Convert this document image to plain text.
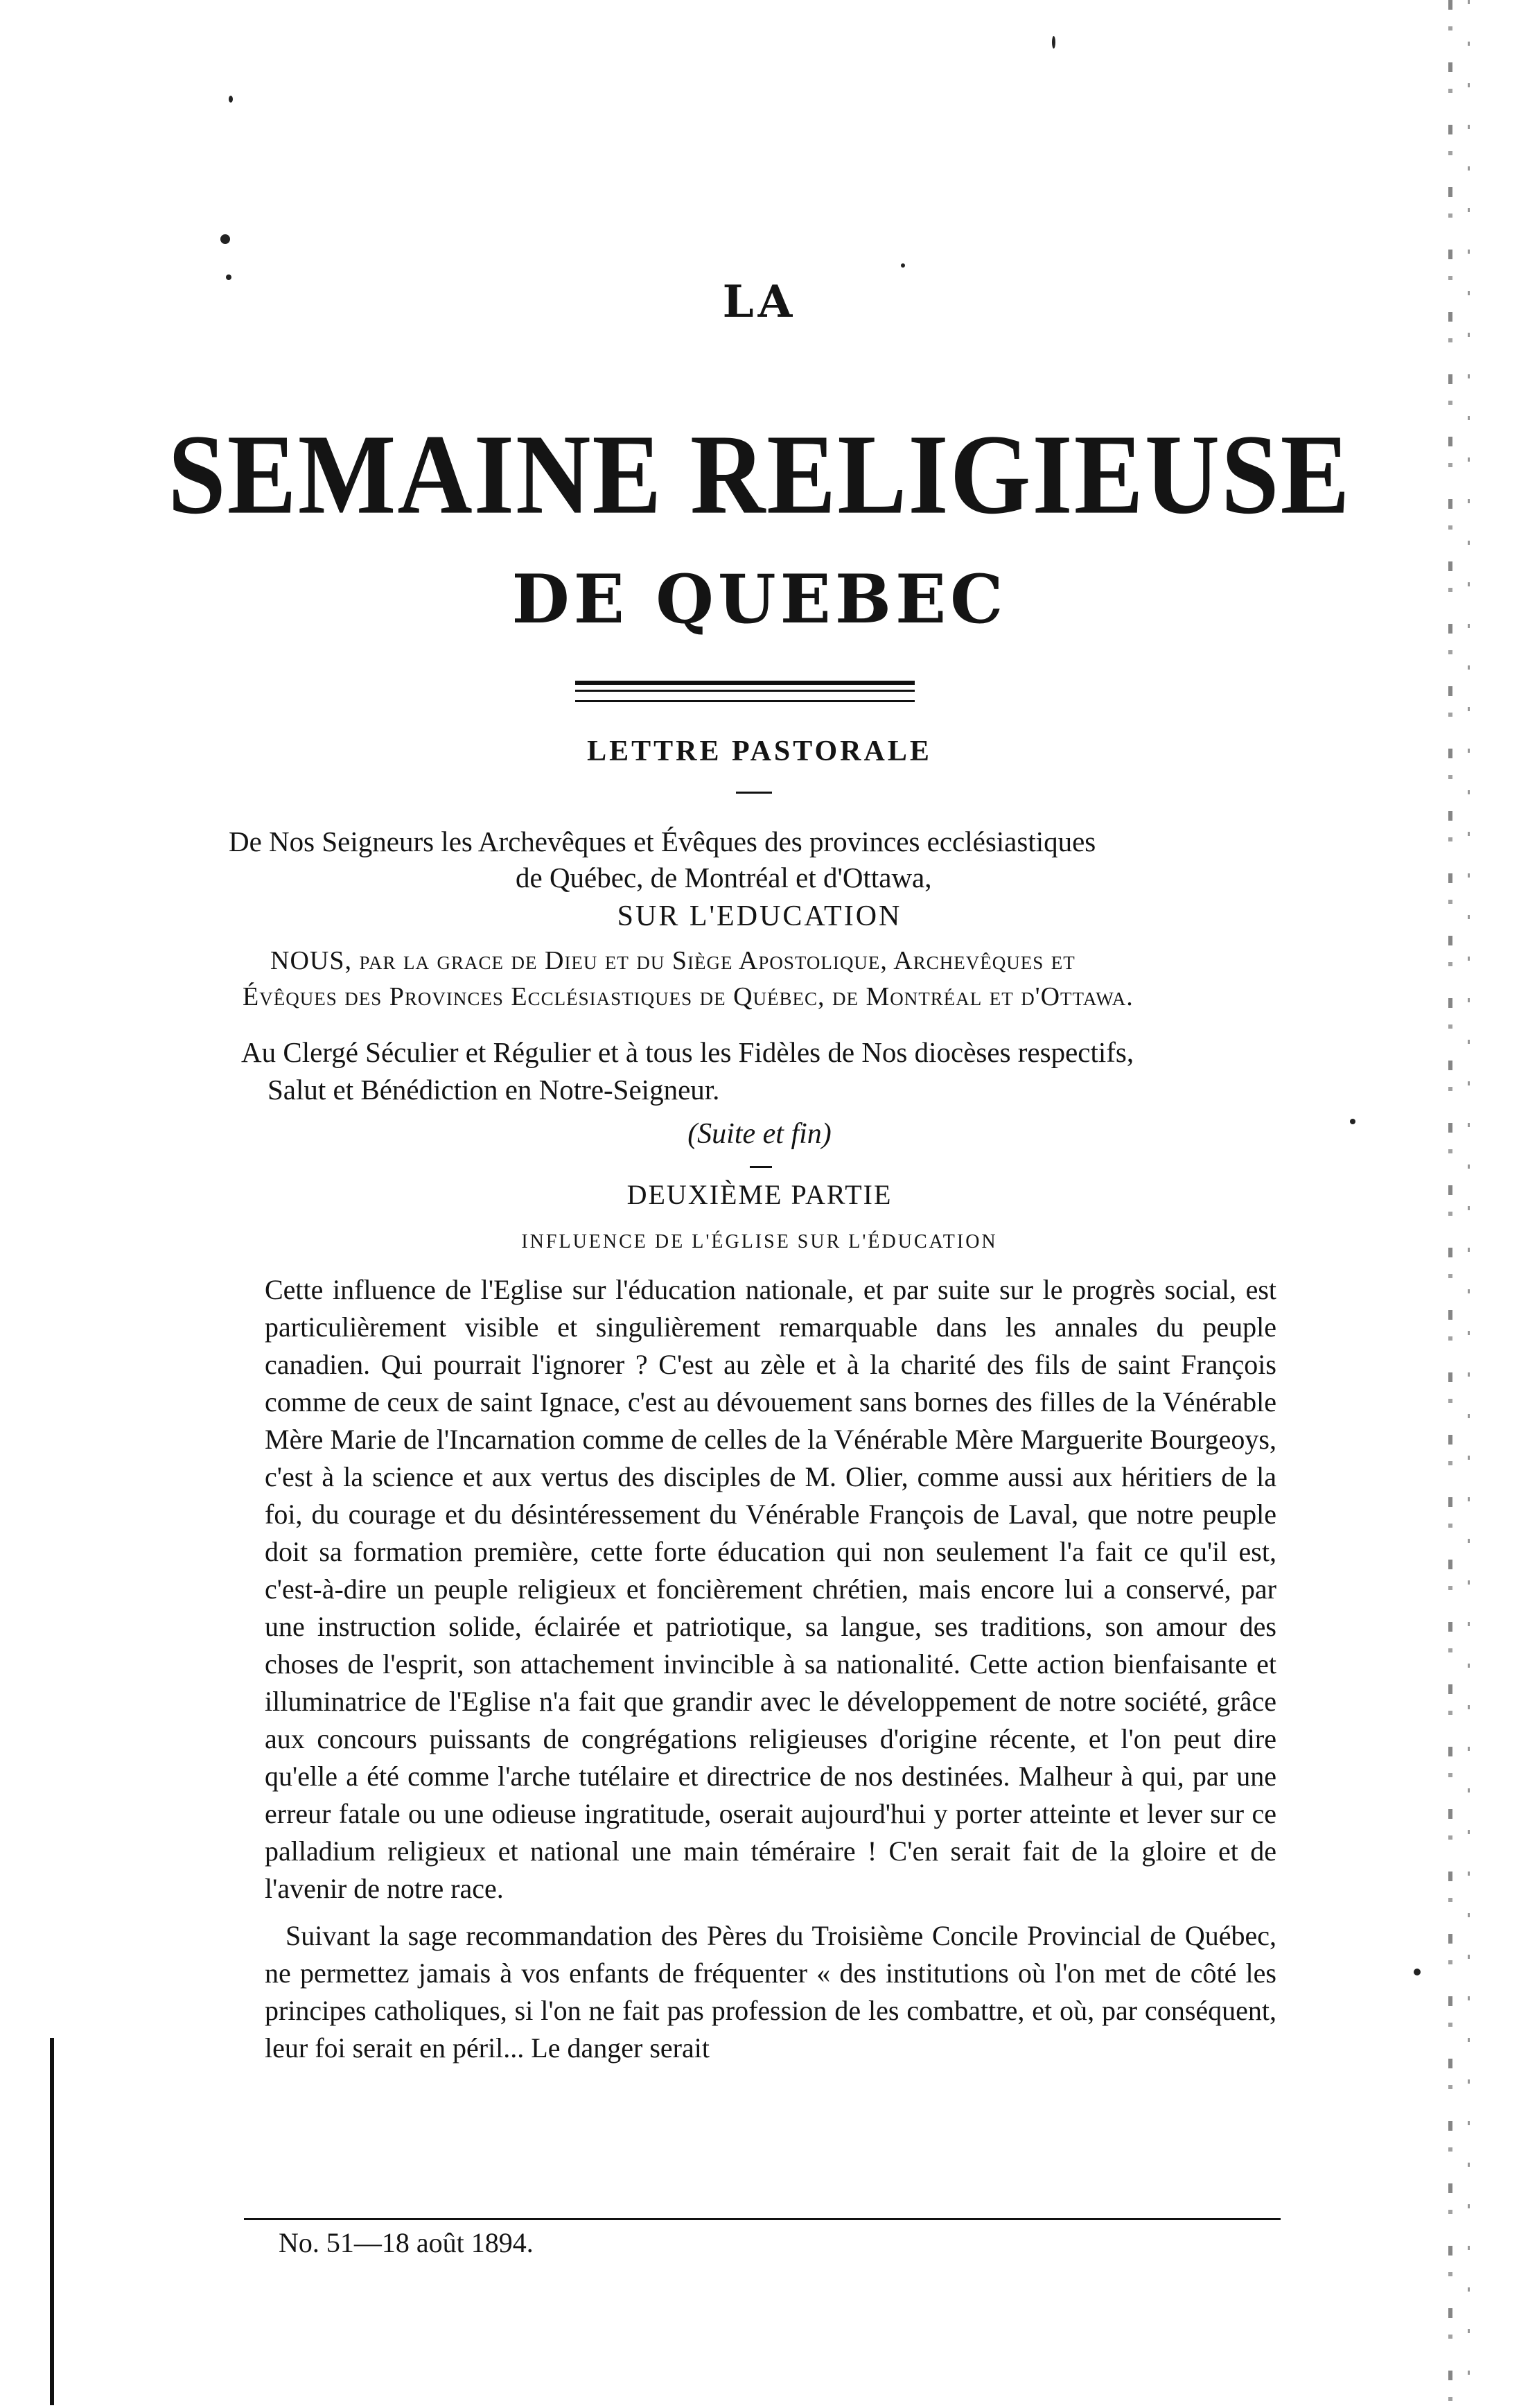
LA
SEMAINE RELIGIEUSE
DE QUEBEC
LETTRE PASTORALE
De Nos Seigneurs les Archevêques et Évêques des provinces ecclésiastiques
de Québec, de Montréal et d'Ottawa,
SUR L'EDUCATION
NOUS, par la grace de Dieu et du Siège Apostolique, Archevêques et
Évêques des Provinces Ecclésiastiques de Québec, de Montréal et d'Ottawa.
Au Clergé Séculier et Régulier et à tous les Fidèles de Nos diocèses respectifs,
Salut et Bénédiction en Notre-Seigneur.
(Suite et fin)
DEUXIÈME PARTIE
INFLUENCE DE L'ÉGLISE SUR L'ÉDUCATION

Cette influence de l'Eglise sur l'éducation nationale, et par suite sur le progrès social, est particulièrement visible et singulièrement remarquable dans les annales du peuple canadien. Qui pourrait l'ignorer ? C'est au zèle et à la charité des fils de saint François comme de ceux de saint Ignace, c'est au dévouement sans bornes des filles de la Vénérable Mère Marie de l'Incarnation comme de celles de la Vénérable Mère Marguerite Bourgeoys, c'est à la science et aux vertus des disciples de M. Olier, comme aussi aux héritiers de la foi, du courage et du désintéressement du Vénérable François de Laval, que notre peuple doit sa formation première, cette forte éducation qui non seulement l'a fait ce qu'il est, c'est-à-dire un peuple religieux et foncièrement chrétien, mais encore lui a conservé, par une instruction solide, éclairée et patriotique, sa langue, ses traditions, son amour des choses de l'esprit, son attachement invincible à sa nationalité. Cette action bienfaisante et illuminatrice de l'Eglise n'a fait que grandir avec le développement de notre société, grâce aux concours puissants de congrégations religieuses d'origine récente, et l'on peut dire qu'elle a été comme l'arche tutélaire et directrice de nos destinées. Malheur à qui, par une erreur fatale ou une odieuse ingratitude, oserait aujourd'hui y porter atteinte et lever sur ce palladium religieux et national une main téméraire ! C'en serait fait de la gloire et de l'avenir de notre race.

Suivant la sage recommandation des Pères du Troisième Concile Provincial de Québec, ne permettez jamais à vos enfants de fréquenter « des institutions où l'on met de côté les principes catholiques, si l'on ne fait pas profession de les combattre, et où, par conséquent, leur foi serait en péril... Le danger serait

No. 51—18 août 1894.
